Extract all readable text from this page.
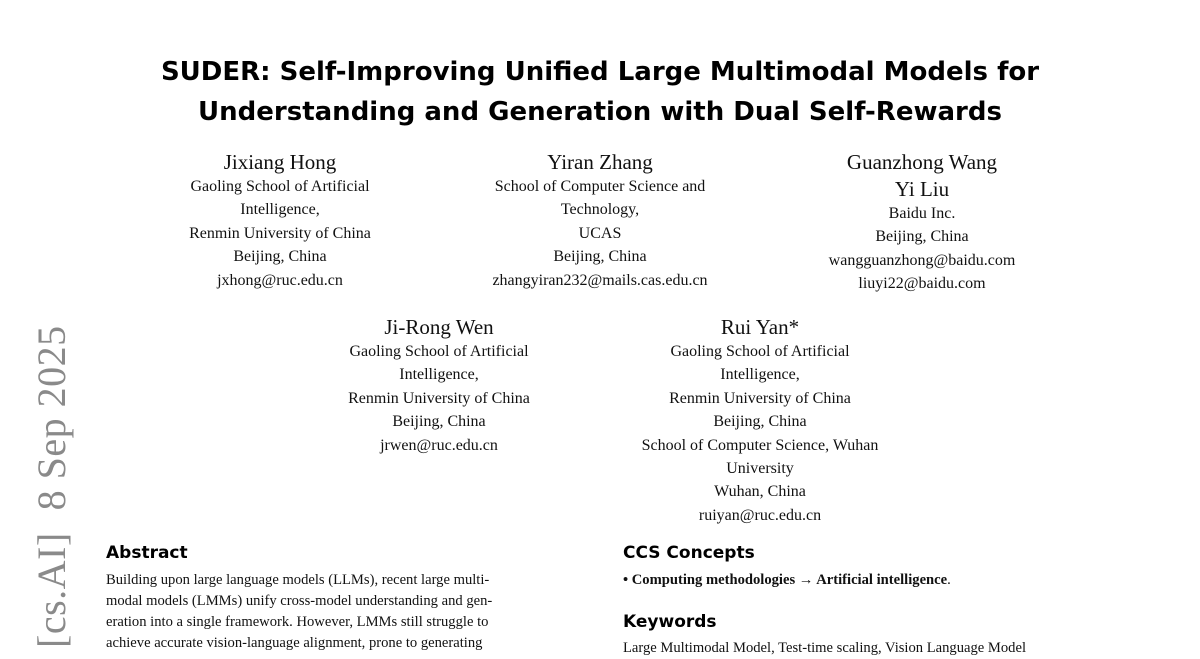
SUDER: Self-Improving Unified Large Multimodal Models for
Understanding and Generation with Dual Self-Rewards
Jixiang Hong
Gaoling School of Artificial
Intelligence,
Renmin University of China
Beijing, China
jxhong@ruc.edu.cn
Yiran Zhang
School of Computer Science and
Technology,
UCAS
Beijing, China
zhangyiran232@mails.cas.edu.cn
Guanzhong Wang
Yi Liu
Baidu Inc.
Beijing, China
wangguanzhong@baidu.com
liuyi22@baidu.com
Ji-Rong Wen
Gaoling School of Artificial
Intelligence,
Renmin University of China
Beijing, China
jrwen@ruc.edu.cn
Rui Yan*
Gaoling School of Artificial
Intelligence,
Renmin University of China
Beijing, China
School of Computer Science, Wuhan
University
Wuhan, China
ruiyan@ruc.edu.cn
[cs.AI]8 Sep 2025
Abstract
Building upon large language models (LLMs), recent large multi-
modal models (LMMs) unify cross-model understanding and gen-
eration into a single framework. However, LMMs still struggle to
achieve accurate vision-language alignment, prone to generating
CCS Concepts
• Computing methodologies → Artificial intelligence.
Keywords
Large Multimodal Model, Test-time scaling, Vision Language Model
